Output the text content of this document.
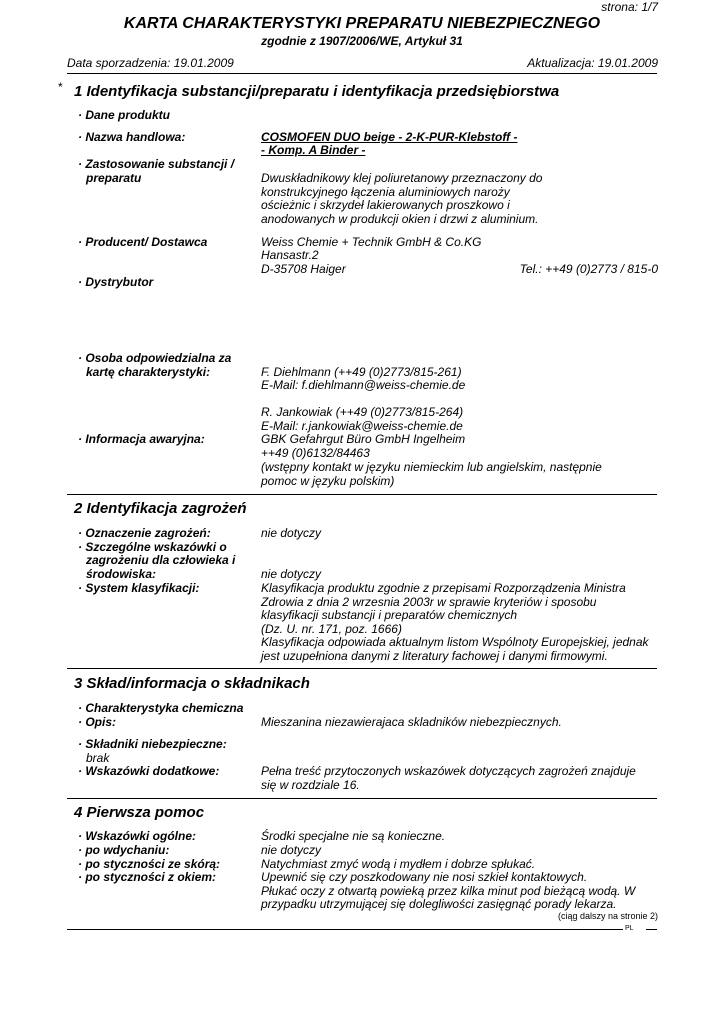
strona: 1/7
KARTA CHARAKTERYSTYKI PREPARATU NIEBEZPIECZNEGO
zgodnie z 1907/2006/WE, Artykuł 31
Data sporzadzenia: 19.01.2009	Aktualizacja: 19.01.2009
* 1 Identyfikacja substancji/preparatu i identyfikacja przedsiębiorstwa
· Dane produktu
· Nazwa handlowa:	COSMOFEN DUO beige - 2-K-PUR-Klebstoff -
- Komp. A Binder -
· Zastosowanie substancji /
preparatu	Dwuskładnikowy klej poliuretanowy przeznaczony do
konstrukcyjnego łączenia aluminiowych naroży
ościeżnic i skrzydeł lakierowanych proszkowo i
anodowanych w produkcji okien i drzwi z aluminium.
· Producent/ Dostawca	Weiss Chemie + Technik GmbH & Co.KG
Hansastr.2
D-35708 Haiger	Tel.: ++49 (0)2773 / 815-0
· Dystrybutor
· Osoba odpowiedzialna za
kartę charakterystyki:	F. Diehlmann (++49 (0)2773/815-261)
E-Mail: f.diehlmann@weiss-chemie.de
R. Jankowiak (++49 (0)2773/815-264)
E-Mail: r.jankowiak@weiss-chemie.de
· Informacja awaryjna:	GBK Gefahrgut Büro GmbH Ingelheim
++49 (0)6132/84463
(wstępny kontakt w języku niemieckim lub angielskim, następnie
pomoc w języku polskim)
2 Identyfikacja zagrożeń
· Oznaczenie zagrożeń:	nie dotyczy
· Szczególne wskazówki o
zagrożeniu dla człowieka i
środowiska:	nie dotyczy
· System klasyfikacji:	Klasyfikacja produktu zgodnie z przepisami Rozporządzenia Ministra
Zdrowia z dnia 2 wrzesnia 2003r w sprawie kryteriów i sposobu
klasyfikacji substancji i preparatów chemicznych
(Dz. U. nr. 171, poz. 1666)
Klasyfikacja odpowiada aktualnym listom Wspólnoty Europejskiej, jednak
jest uzupełniona danymi z literatury fachowej i danymi firmowymi.
3 Skład/informacja o składnikach
· Charakterystyka chemiczna
· Opis:	Mieszanina niezawierajaca skladników niebezpiecznych.
· Składniki niebezpieczne:
brak
· Wskazówki dodatkowe:	Pełna treść przytoczonych wskazówek dotyczących zagrożeń znajduje
się w rozdziale 16.
4 Pierwsza pomoc
· Wskazówki ogólne:	Środki specjalne nie są konieczne.
· po wdychaniu:	nie dotyczy
· po styczności ze skórą:	Natychmiast zmyć wodą i mydłem i dobrze spłukać.
· po styczności z okiem:	Upewnić się czy poszkodowany nie nosi szkieł kontaktowych.
Płukać oczy z otwartą powieką przez kilka minut pod bieżącą wodą. W
przypadku utrzymującej się dolegliwości zasięgnąć porady lekarza.
(ciąg dalszy na stronie 2)
PL
